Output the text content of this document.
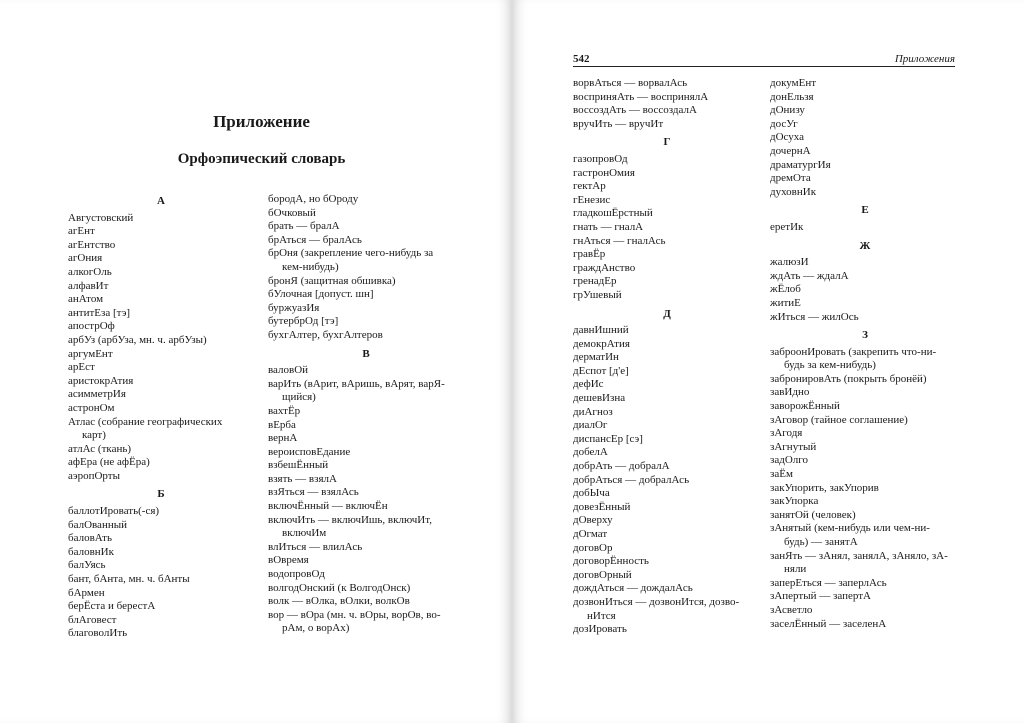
Приложение
Орфоэпический словарь
А
Августовский
агЕнт
агЕнтство
агОния
алкогОль
алфавИт
анАтом
антитЕза [тэ]
апострОф
арбУз (арбУза, мн. ч. арбУзы)
аргумЕнт
арЕст
аристокрАтия
асимметрИя
астронОм
Атлас (собрание географических
карт)
атлАс (ткань)
афЕра (не афЁра)
аэропОрты
Б
баллотИровать(-ся)
балОванный
баловАть
баловнИк
балУясь
бант, бAнта, мн. ч. бAнты
бАрмен
берЁста и берестА
блАговест
благоволИть
бородА, но бОроду
бОчковый
брать — бралА
брАться — бралАсь
брОня (закрепление чего-нибудь за
кем-нибудь)
бронЯ (защитная обшивка)
бУлочная [допуст. шн]
буржуазИя
бутербрОд [тэ]
бухгАлтер, бухгАлтеров
В
валовОй
варИть (вАрит, вАришь, вАрят, варЯ-
щийся)
вахтЁр
вЕрба
вернА
вероисповЕдание
взбешЁнный
взять — взялА
взЯться — взялАсь
включЁнный — включЁн
включИть — включИшь, включИт,
включИм
влИться — влилАсь
вОвремя
водопровОд
волгодОнский (к ВолгодОнск)
волк — вОлка, вОлки, волкОв
вор — вОра (мн. ч. вОры, ворОв, во-
рАм, о ворАх)
542	Приложения
ворвАться — ворвалАсь
восприняАть — воспринялА
воссоздАть — воссоздалА
вручИть — вручИт
Г
газопровОд
гастронОмия
гектАр
гЕнезис
гладкошЁрстный
гнать — гналА
гнАться — гналАсь
гравЁр
граждАнство
гренадЕр
грУшевый
Д
давнИшний
демокрАтия
дерматИн
дЕспот [д'е]
дефИс
дешевИзна
диАгноз
диалОг
диспансЕр [сэ]
добелА
добрАть — добралА
добрАться — добралАсь
добЫча
довезЁнный
дОверху
дОгмат
договОр
договорЁнность
договОрный
дождАться — дождалАсь
дозвонИться — дозвонИтся, дозво-
нИтся
дозИровать
докумЕнт
донЕльзя
дОнизу
досУг
дОсуха
дочернА
драматургИя
дремОта
духовнИк
Е
еретИк
Ж
жалюзИ
ждАть — ждалА
жЁлоб
житиЕ
жИться — жилОсь
З
заброонИровать (закрепить что-ни-
будь за кем-нибудь)
забронировАть (покрыть бронёй)
завИдно
заворожЁнный
зАговор (тайное соглашение)
зАгодя
зАгнутый
задОлго
заЁм
закУпорить, закУпорив
закУпорка
занятОй (человек)
зАнятый (кем-нибудь или чем-ни-
будь) — занятА
занЯть — зАнял, занялА, зАняло, зА-
няли
заперЕться — заперлАсь
зАпертый — запертА
зАсветло
заселЁнный — заселенА
